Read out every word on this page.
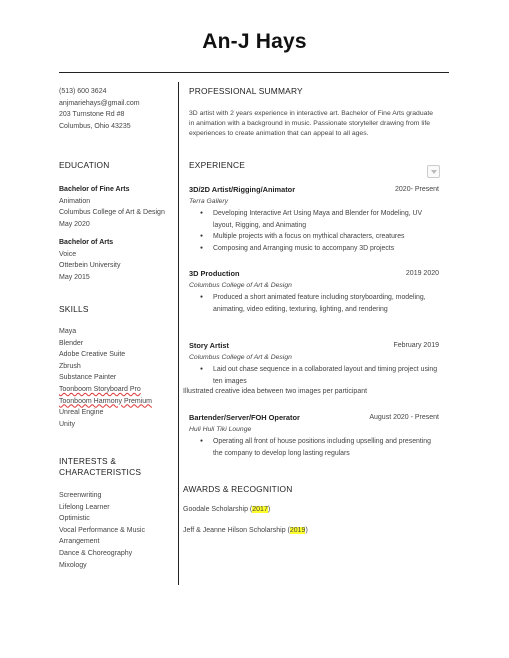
An-J Hays

(513) 600 3624

anjmariehays@gmail.com

203 Turnstone Rd #8

Columbus, Ohio 43235

EDUCATION

Bachelor of Fine Arts

Animation

Columbus College of Art & Design

May 2020

Bachelor of Arts

Voice

Otterbein University

May 2015

SKILLS

Maya

Blender

Adobe Creative Suite

Zbrush

Substance Painter

Toonboom Storyboard Pro

Toonboom Harmony Premium

Unreal Engine

Unity

INTERESTS &
CHARACTERISTICS

Screenwriting

Lifelong Learner

Optimistic

Vocal Performance & Music

Arrangement

Dance & Choreography

Mixology

PROFESSIONAL SUMMARY
3D artist with 2 years experience in interactive art. Bachelor of Fine Arts graduate in animation with a background in music. Passionate storyteller drawing from life experiences to create animation that can appeal to all ages.
EXPERIENCE
3D/2D Artist/Rigging/Animator	2020- Present
Terra Gallery
● Developing Interactive Art Using Maya and Blender for Modeling, UV layout, Rigging, and Animating
● Multiple projects with a focus on mythical characters, creatures
● Composing and Arranging music to accompany 3D projects
3D Production	2019 2020
Columbus College of Art & Design
● Produced a short animated feature including storyboarding, modeling, animating, video editing, texturing, lighting, and rendering
Story Artist	February 2019
Columbus College of Art & Design
● Laid out chase sequence in a collaborated layout and timing project using ten images
Bartender/Server/FOH Operator	August 2020 - Present
Huli Huli Tiki Lounge
● Operating all front of house positions including upselling and presenting the company to develop long lasting regulars
Illustrated creative idea between two images per participant
AWARDS & RECOGNITION
Goodale Scholarship (2017)
Jeff & Jeanne Hilson Scholarship (2019)
